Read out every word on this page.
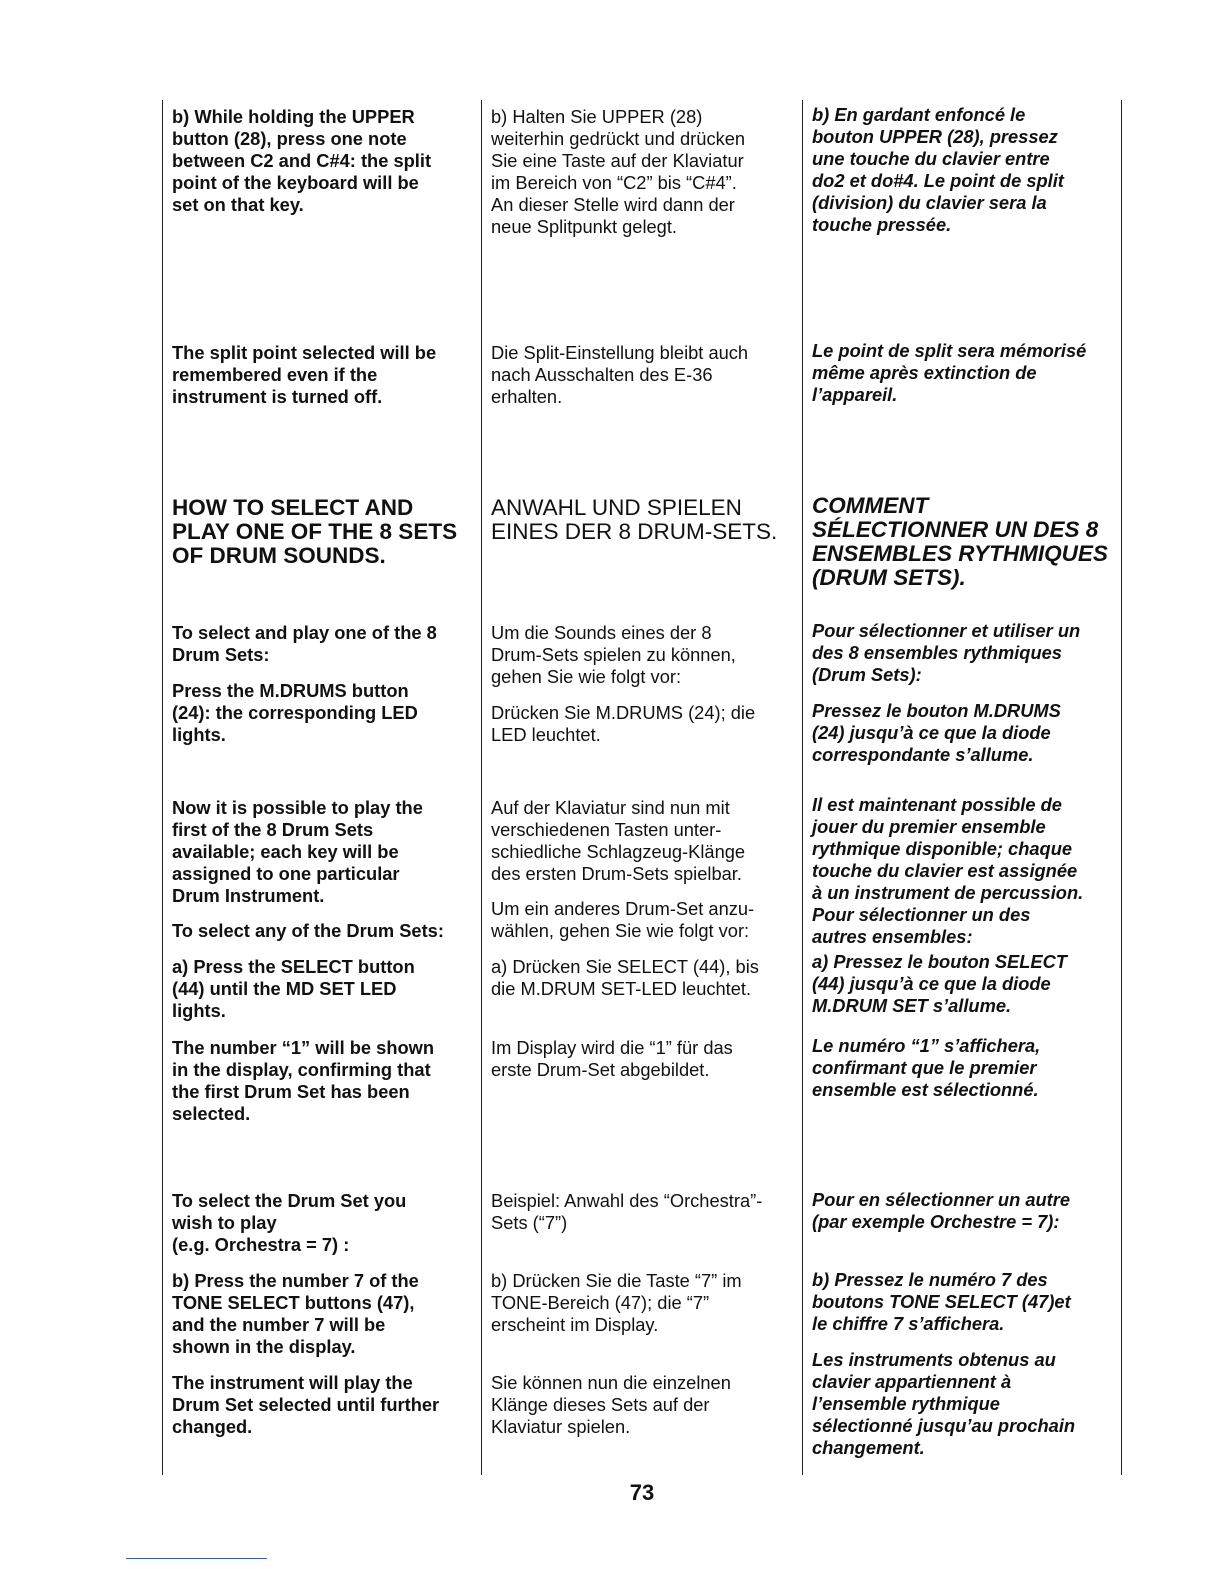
b) While holding the UPPER
button (28), press one note
between C2 and C#4: the split
point of the keyboard will be
set on that key.

The split point selected will be
remembered even if the
instrument is turned off.

HOW TO SELECT AND
PLAY ONE OF THE 8 SETS
OF DRUM SOUNDS.

To select and play one of the 8
Drum Sets:

Press the M.DRUMS button
(24): the corresponding LED
lights.

Now it is possible to play the
first of the 8 Drum Sets
available; each key will be
assigned to one particular
Drum Instrument.

To select any of the Drum Sets:

a) Press the SELECT button
(44) until the MD SET LED
lights.

The number “1” will be shown
in the display, confirming that
the first Drum Set has been
selected.

To select the Drum Set you
wish to play
(e.g. Orchestra = 7) :

b) Press the number 7 of the
TONE SELECT buttons (47),
and the number 7 will be
shown in the display.

The instrument will play the
Drum Set selected until further
changed.

b) Halten Sie UPPER (28)
weiterhin gedrückt und drücken
Sie eine Taste auf der Klaviatur
im Bereich von “C2” bis “C#4”.
An dieser Stelle wird dann der
neue Splitpunkt gelegt.

Die Split-Einstellung bleibt auch
nach Ausschalten des E-36
erhalten.

ANWAHL UND SPIELEN
EINES DER 8 DRUM-SETS.

Um die Sounds eines der 8
Drum-Sets spielen zu können,
gehen Sie wie folgt vor:

Drücken Sie M.DRUMS (24); die
LED leuchtet.

Auf der Klaviatur sind nun mit
verschiedenen Tasten unter-
schiedliche Schlagzeug-Klänge
des ersten Drum-Sets spielbar.

Um ein anderes Drum-Set anzu-
wählen, gehen Sie wie folgt vor:

a) Drücken Sie SELECT (44), bis
die M.DRUM SET-LED leuchtet.

Im Display wird die “1” für das
erste Drum-Set abgebildet.

Beispiel: Anwahl des “Orchestra”-
Sets (“7”)

b) Drücken Sie die Taste “7” im
TONE-Bereich (47); die “7”
erscheint im Display.

Sie können nun die einzelnen
Klänge dieses Sets auf der
Klaviatur spielen.

b) En gardant enfoncé le
bouton UPPER (28), pressez
une touche du clavier entre
do2 et do#4. Le point de split
(division) du clavier sera la
touche pressée.

Le point de split sera mémorisé
même après extinction de
l’appareil.

COMMENT
SÉLECTIONNER UN DES 8
ENSEMBLES RYTHMIQUES
(DRUM SETS).

Pour sélectionner et utiliser un
des 8 ensembles rythmiques
(Drum Sets):

Pressez le bouton M.DRUMS
(24) jusqu’à ce que la diode
correspondante s’allume.

Il est maintenant possible de
jouer du premier ensemble
rythmique disponible; chaque
touche du clavier est assignée
à un instrument de percussion.
Pour sélectionner un des
autres ensembles:

a) Pressez le bouton SELECT
(44) jusqu’à ce que la diode
M.DRUM SET s’allume.

Le numéro “1” s’affichera,
confirmant que le premier
ensemble est sélectionné.

Pour en sélectionner un autre
(par exemple Orchestre = 7):

b) Pressez le numéro 7 des
boutons TONE SELECT (47)et
le chiffre 7 s’affichera.

Les instruments obtenus au
clavier appartiennent à
l’ensemble rythmique
sélectionné jusqu’au prochain
changement.

73
